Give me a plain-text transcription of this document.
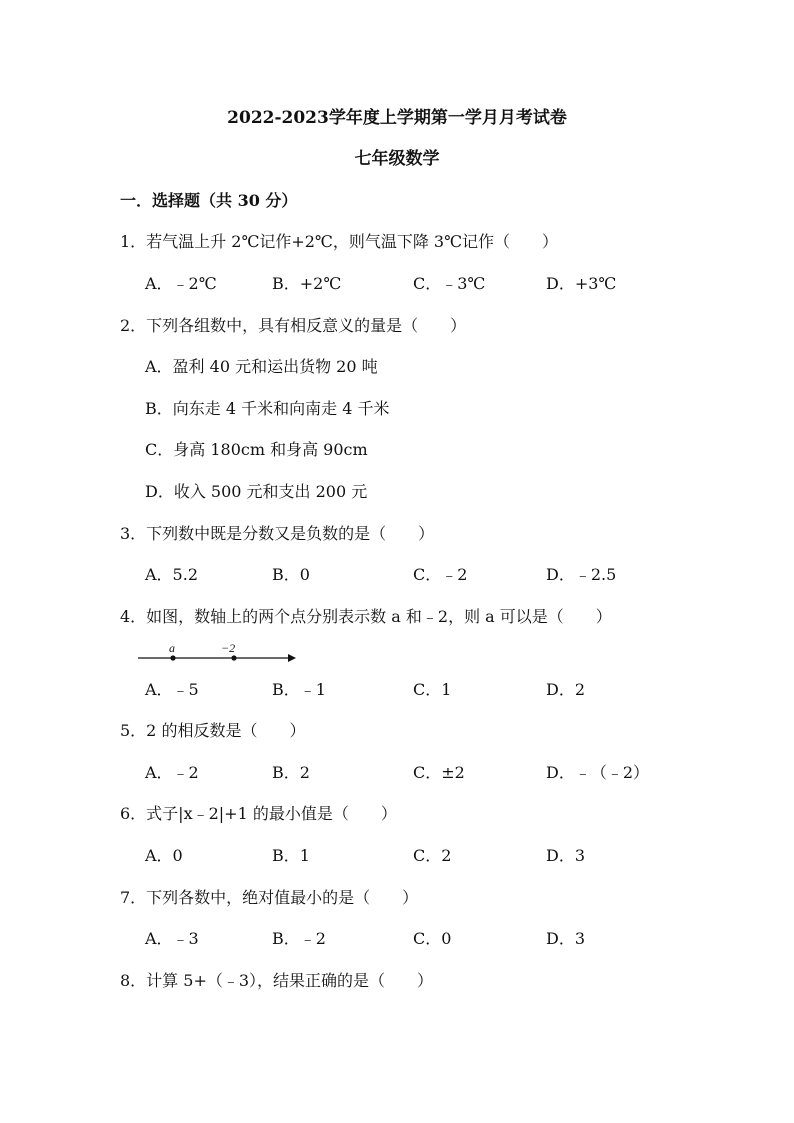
2022-2023学年度上学期第一学月月考试卷
七年级数学
一．选择题（共 30 分）
1．若气温上升 2℃记作+2℃，则气温下降 3℃记作（　　）
A．﹣2℃	B．+2℃	C．﹣3℃	D．+3℃
2．下列各组数中，具有相反意义的量是（　　）
A．盈利 40 元和运出货物 20 吨
B．向东走 4 千米和向南走 4 千米
C．身高 180cm 和身高 90cm
D．收入 500 元和支出 200 元
3．下列数中既是分数又是负数的是（　　）
A．5.2	B．0	C．﹣2	D．﹣2.5
4．如图，数轴上的两个点分别表示数 a 和﹣2，则 a 可以是（　　）
a	−2
A．﹣5	B．﹣1	C．1	D．2
5．2 的相反数是（　　）
A．﹣2	B．2	C．±2	D．﹣（﹣2）
6．式子|x﹣2|+1 的最小值是（　　）
A．0	B．1	C．2	D．3
7．下列各数中，绝对值最小的是（　　）
A．﹣3	B．﹣2	C．0	D．3
8．计算 5+（﹣3），结果正确的是（　　）
